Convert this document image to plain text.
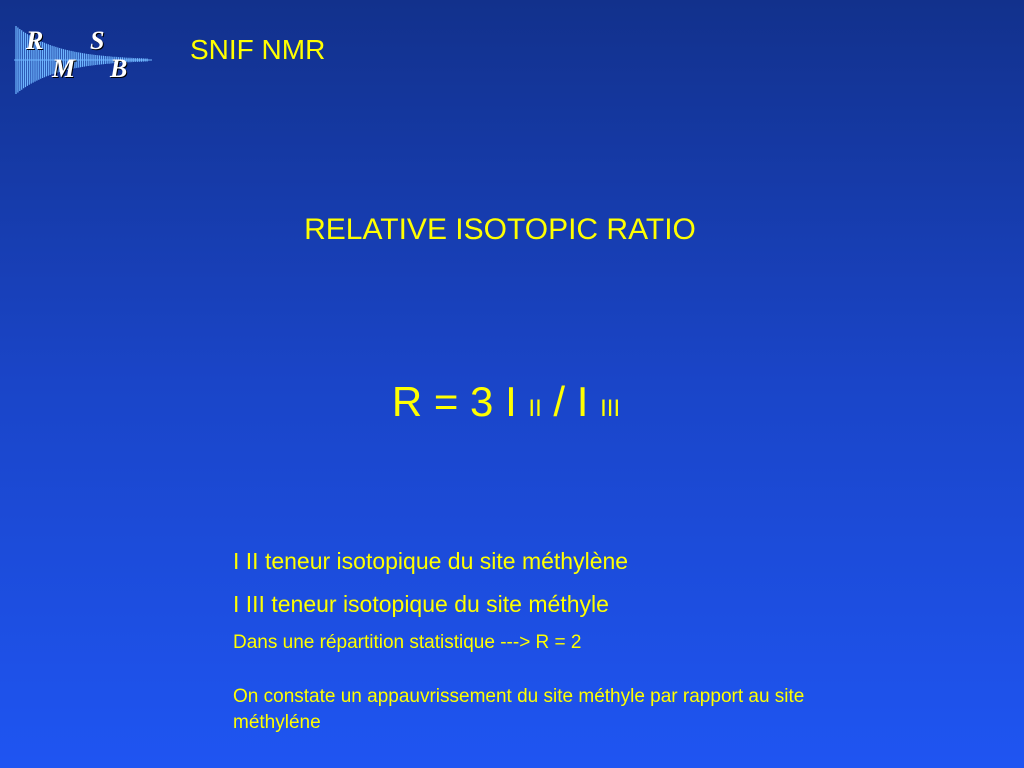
R S
M B
SNIF NMR
RELATIVE ISOTOPIC RATIO
R = 3 I II / I III
I II teneur isotopique du site méthylène
I III teneur isotopique du site méthyle
Dans une répartition statistique ---> R = 2
On constate un appauvrissement du site méthyle par rapport au site méthyléne
